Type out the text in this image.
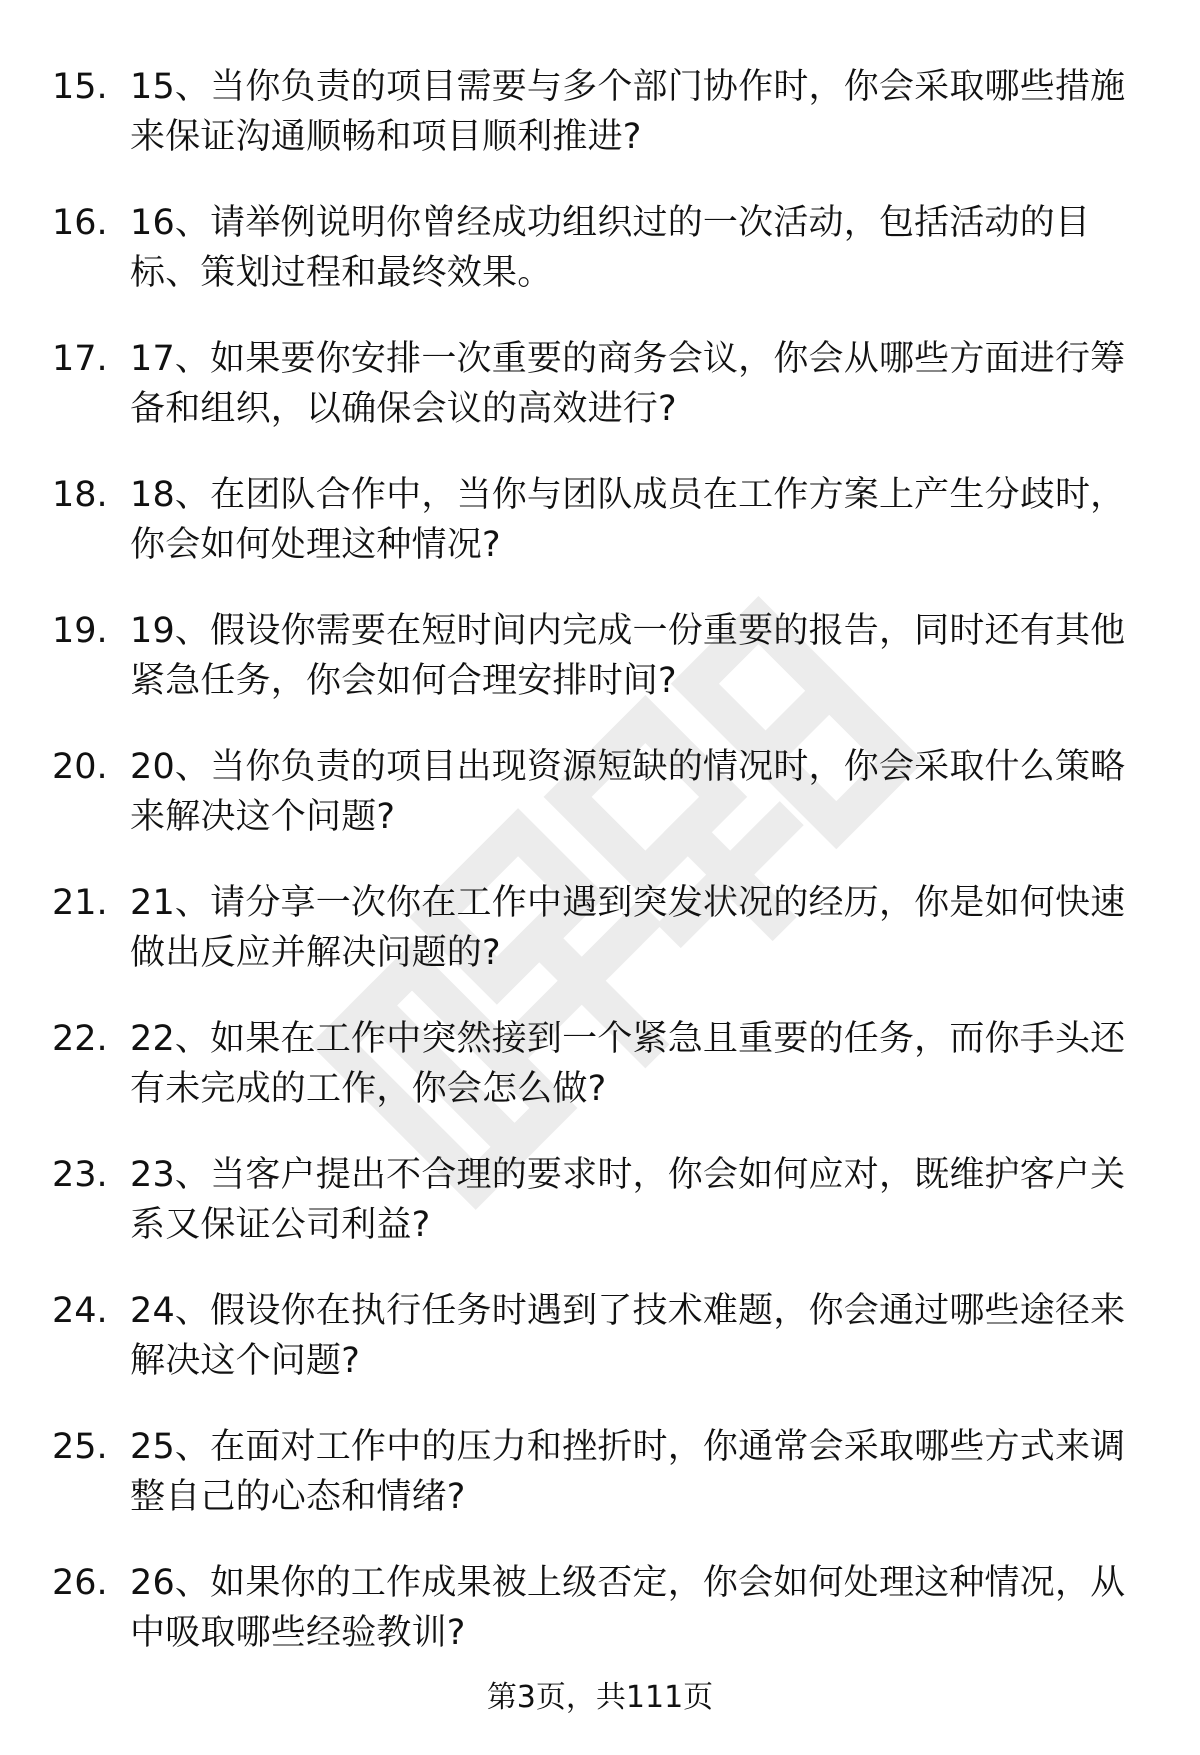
15. 15、当你负责的项目需要与多个部门协作时，你会采取哪些措施来保证沟通顺畅和项目顺利推进?
16. 16、请举例说明你曾经成功组织过的一次活动，包括活动的目标、策划过程和最终效果。
17. 17、如果要你安排一次重要的商务会议，你会从哪些方面进行筹备和组织，以确保会议的高效进行?
18. 18、在团队合作中，当你与团队成员在工作方案上产生分歧时，你会如何处理这种情况?
19. 19、假设你需要在短时间内完成一份重要的报告，同时还有其他紧急任务，你会如何合理安排时间?
20. 20、当你负责的项目出现资源短缺的情况时，你会采取什么策略来解决这个问题?
21. 21、请分享一次你在工作中遇到突发状况的经历，你是如何快速做出反应并解决问题的?
22. 22、如果在工作中突然接到一个紧急且重要的任务，而你手头还有未完成的工作，你会怎么做?
23. 23、当客户提出不合理的要求时，你会如何应对，既维护客户关系又保证公司利益?
24. 24、假设你在执行任务时遇到了技术难题，你会通过哪些途径来解决这个问题?
25. 25、在面对工作中的压力和挫折时，你通常会采取哪些方式来调整自己的心态和情绪?
26. 26、如果你的工作成果被上级否定，你会如何处理这种情况，从中吸取哪些经验教训?
第3页，共111页
